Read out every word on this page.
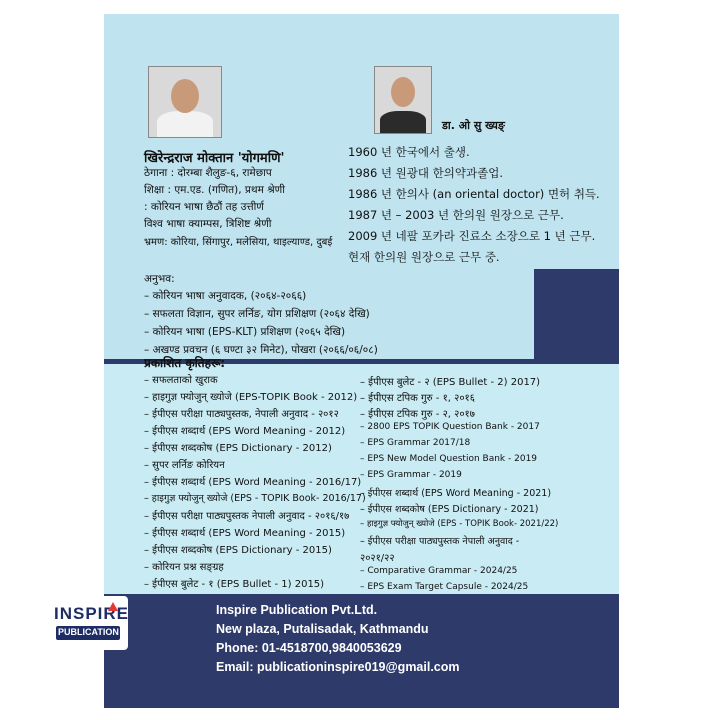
खिरेन्द्रराज मोक्तान 'योगमणि'
ठेगाना : दोरम्बा शैलुङ-६, रामेछाप
शिक्षा : एम.एड. (गणित), प्रथम श्रेणी
: कोरियन भाषा छैठौं तह उत्तीर्ण
विश्व भाषा क्याम्पस, त्रिशिष्ट श्रेणी
भ्रमण: कोरिया, सिंगापुर, मलेसिया, थाइल्याण्ड, दुबई
डा. ओ सु ख्यङ्
1960 년 한국에서 출생.
1986 년 원광대 한의약과졸업.
1986 년 한의사 (an oriental doctor) 면허 취득.
1987 년 – 2003 년 한의원 원장으로 근무.
2009 년 네팔 포카라 진료소 소장으로 1 년 근무.
현재 한의원 원장으로 근무 중.
अनुभव:
– कोरियन भाषा अनुवादक, (२०६४-२०६६)
– सफलता विज्ञान, सुपर लर्निङ, योग प्रशिक्षण (२०६४ देखि)
– कोरियन भाषा (EPS-KLT) प्रशिक्षण (२०६५ देखि)
– अखण्ड प्रवचन (६ घण्टा ३२ मिनेट), पोखरा (२०६६/०६/०८)
प्रकाशित कृतिहरू:
– सफलताको खुराक
– हाइगुज्ञ फ्योजुन् ख्योजे (EPS-TOPIK Book - 2012)
– ईपीएस परीक्षा पाठ्यपुस्तक, नेपाली अनुवाद - २०१२
– ईपीएस शब्दार्थ (EPS Word Meaning - 2012)
– ईपीएस शब्दकोष (EPS Dictionary - 2012)
– सुपर लर्निङ कोरियन
– ईपीएस शब्दार्थ (EPS Word Meaning - 2016/17)
– हाइगुज्ञ फ्योजुन् ख्योजे (EPS - TOPIK Book- 2016/17)
– ईपीएस परीक्षा पाठ्यपुस्तक नेपाली अनुवाद - २०१६/१७
– ईपीएस शब्दार्थ (EPS Word Meaning - 2015)
– ईपीएस शब्दकोष (EPS Dictionary - 2015)
– कोरियन प्रश्न सङ्ग्रह
– ईपीएस बुलेट - १ (EPS Bullet - 1) 2015)
– ईपीएस बुलेट - २ (EPS Bullet - 2) 2017)
– ईपीएस टपिक गुरु - १, २०१६
– ईपीएस टपिक गुरु - २, २०१७
– 2800 EPS TOPIK Question Bank - 2017
– EPS Grammar 2017/18
– EPS New Model Question Bank - 2019
– EPS Grammar - 2019
– ईपीएस शब्दार्थ (EPS Word Meaning - 2021)
– ईपीएस शब्दकोष (EPS Dictionary - 2021)
– हाइगुज्ञ फ्योजुन् ख्योजे (EPS - TOPIK Book- 2021/22)
– ईपीएस परीक्षा पाठ्यपुस्तक नेपाली अनुवाद -
२०२१/२२
– Comparative Grammar - 2024/25
– EPS Exam Target Capsule - 2024/25
INSPIRE
PUBLICATION
Inspire Publication Pvt.Ltd.
New plaza, Putalisadak, Kathmandu
Phone: 01-4518700,9840053629
Email: publicationinspire019@gmail.com
